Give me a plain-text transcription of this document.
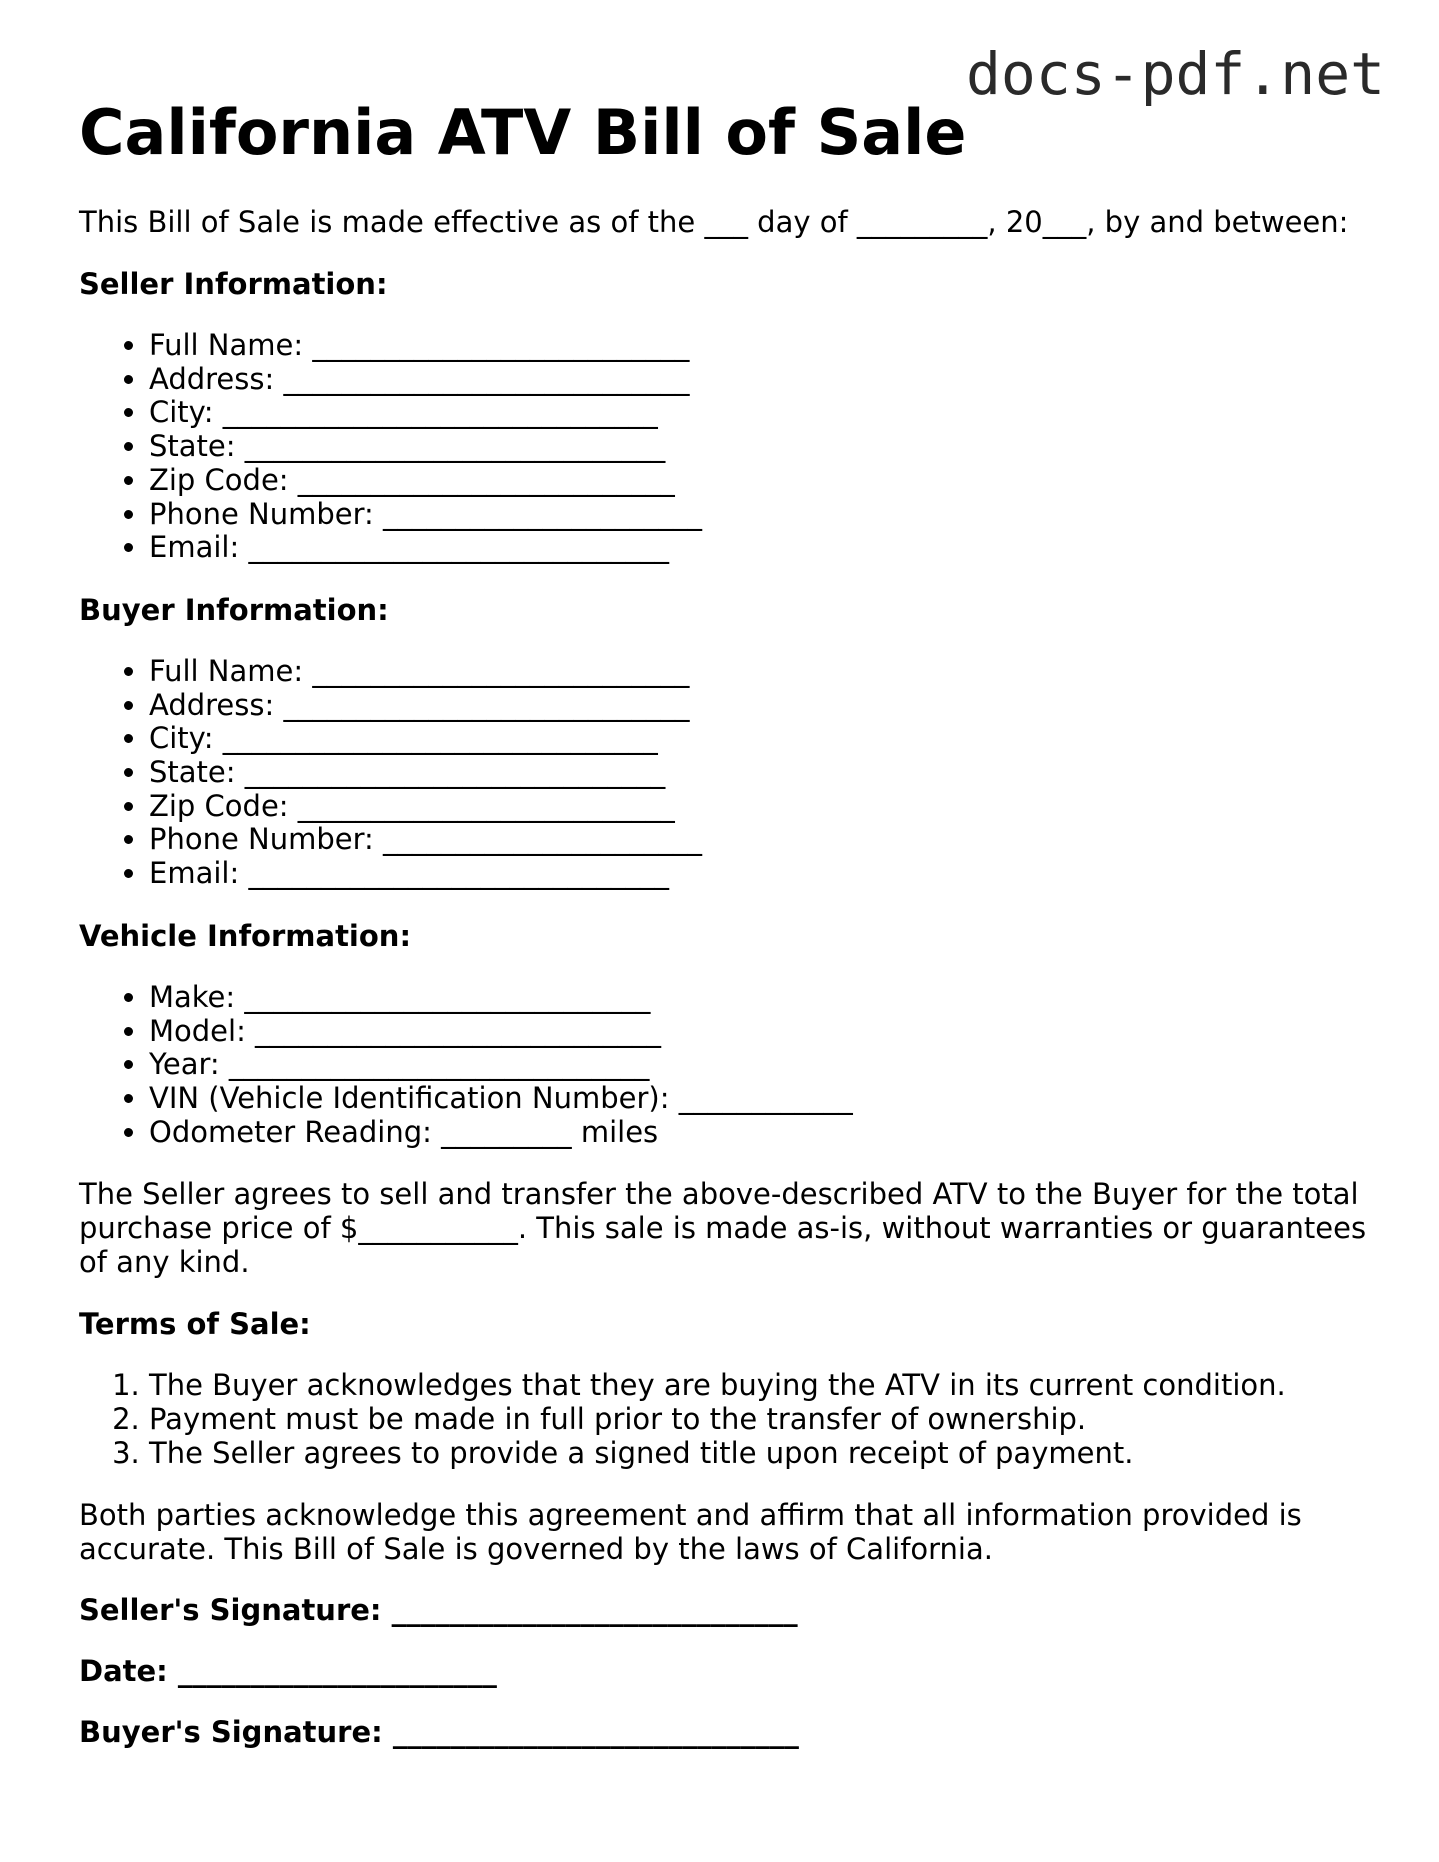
docs-pdf.net
California ATV Bill of Sale

This Bill of Sale is made effective as of the ___ day of _________, 20___, by and between:

Seller Information:

• Full Name: __________________________
• Address: ____________________________
• City: ______________________________
• State: _____________________________
• Zip Code: __________________________
• Phone Number: ______________________
• Email: _____________________________

Buyer Information:

• Full Name: __________________________
• Address: ____________________________
• City: ______________________________
• State: _____________________________
• Zip Code: __________________________
• Phone Number: ______________________
• Email: _____________________________

Vehicle Information:

• Make: ____________________________
• Model: ____________________________
• Year: _____________________________
• VIN (Vehicle Identification Number): ____________
• Odometer Reading: _________ miles

The Seller agrees to sell and transfer the above-described ATV to the Buyer for the total purchase price of $___________. This sale is made as-is, without warranties or guarantees of any kind.

Terms of Sale:

1. The Buyer acknowledges that they are buying the ATV in its current condition.
2. Payment must be made in full prior to the transfer of ownership.
3. The Seller agrees to provide a signed title upon receipt of payment.

Both parties acknowledge this agreement and affirm that all information provided is accurate. This Bill of Sale is governed by the laws of California.

Seller's Signature: ____________________________

Date: ______________________

Buyer's Signature: ____________________________
